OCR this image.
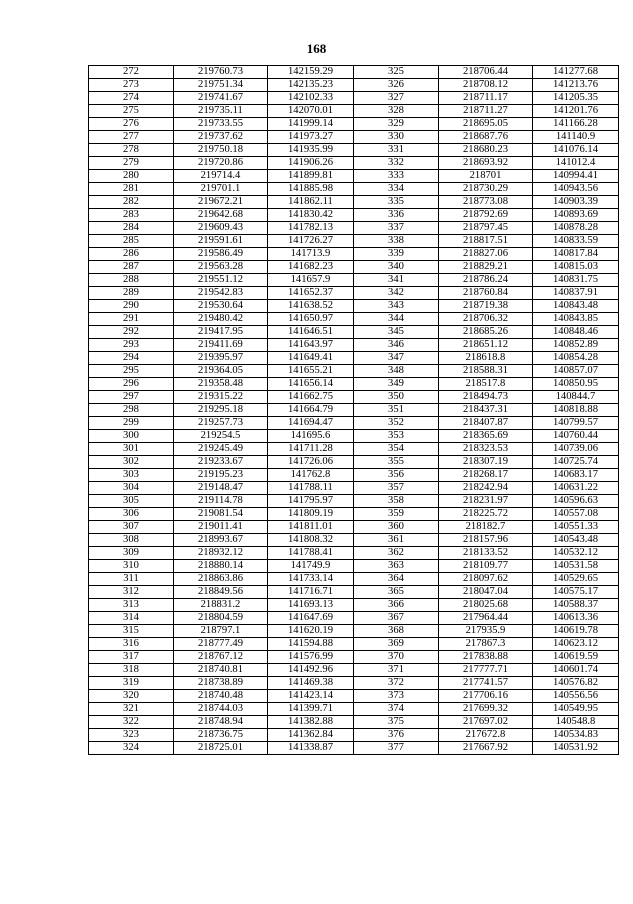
168
272	219760.73	142159.29	325	218706.44	141277.68
273	219751.34	142135.23	326	218708.12	141213.76
274	219741.67	142102.33	327	218711.17	141205.35
275	219735.11	142070.01	328	218711.27	141201.76
276	219733.55	141999.14	329	218695.05	141166.28
277	219737.62	141973.27	330	218687.76	141140.9
278	219750.18	141935.99	331	218680.23	141076.14
279	219720.86	141906.26	332	218693.92	141012.4
280	219714.4	141899.81	333	218701	140994.41
281	219701.1	141885.98	334	218730.29	140943.56
282	219672.21	141862.11	335	218773.08	140903.39
283	219642.68	141830.42	336	218792.69	140893.69
284	219609.43	141782.13	337	218797.45	140878.28
285	219591.61	141726.27	338	218817.51	140833.59
286	219586.49	141713.9	339	218827.06	140817.84
287	219563.28	141682.23	340	218829.21	140815.03
288	219551.12	141657.9	341	218786.24	140831.75
289	219542.83	141652.37	342	218760.84	140837.91
290	219530.64	141638.52	343	218719.38	140843.48
291	219480.42	141650.97	344	218706.32	140843.85
292	219417.95	141646.51	345	218685.26	140848.46
293	219411.69	141643.97	346	218651.12	140852.89
294	219395.97	141649.41	347	218618.8	140854.28
295	219364.05	141655.21	348	218588.31	140857.07
296	219358.48	141656.14	349	218517.8	140850.95
297	219315.22	141662.75	350	218494.73	140844.7
298	219295.18	141664.79	351	218437.31	140818.88
299	219257.73	141694.47	352	218407.87	140799.57
300	219254.5	141695.6	353	218365.69	140760.44
301	219245.49	141711.28	354	218323.53	140739.06
302	219233.67	141726.06	355	218307.19	140725.74
303	219195.23	141762.8	356	218268.17	140683.17
304	219148.47	141788.11	357	218242.94	140631.22
305	219114.78	141795.97	358	218231.97	140596.63
306	219081.54	141809.19	359	218225.72	140557.08
307	219011.41	141811.01	360	218182.7	140551.33
308	218993.67	141808.32	361	218157.96	140543.48
309	218932.12	141788.41	362	218133.52	140532.12
310	218880.14	141749.9	363	218109.77	140531.58
311	218863.86	141733.14	364	218097.62	140529.65
312	218849.56	141716.71	365	218047.04	140575.17
313	218831.2	141693.13	366	218025.68	140588.37
314	218804.59	141647.69	367	217964.44	140613.36
315	218797.1	141620.19	368	217935.9	140619.78
316	218777.49	141594.88	369	217867.3	140623.12
317	218767.12	141576.99	370	217838.88	140619.59
318	218740.81	141492.96	371	217777.71	140601.74
319	218738.89	141469.38	372	217741.57	140576.82
320	218740.48	141423.14	373	217706.16	140556.56
321	218744.03	141399.71	374	217699.32	140549.95
322	218748.94	141382.88	375	217697.02	140548.8
323	218736.75	141362.84	376	217672.8	140534.83
324	218725.01	141338.87	377	217667.92	140531.92
